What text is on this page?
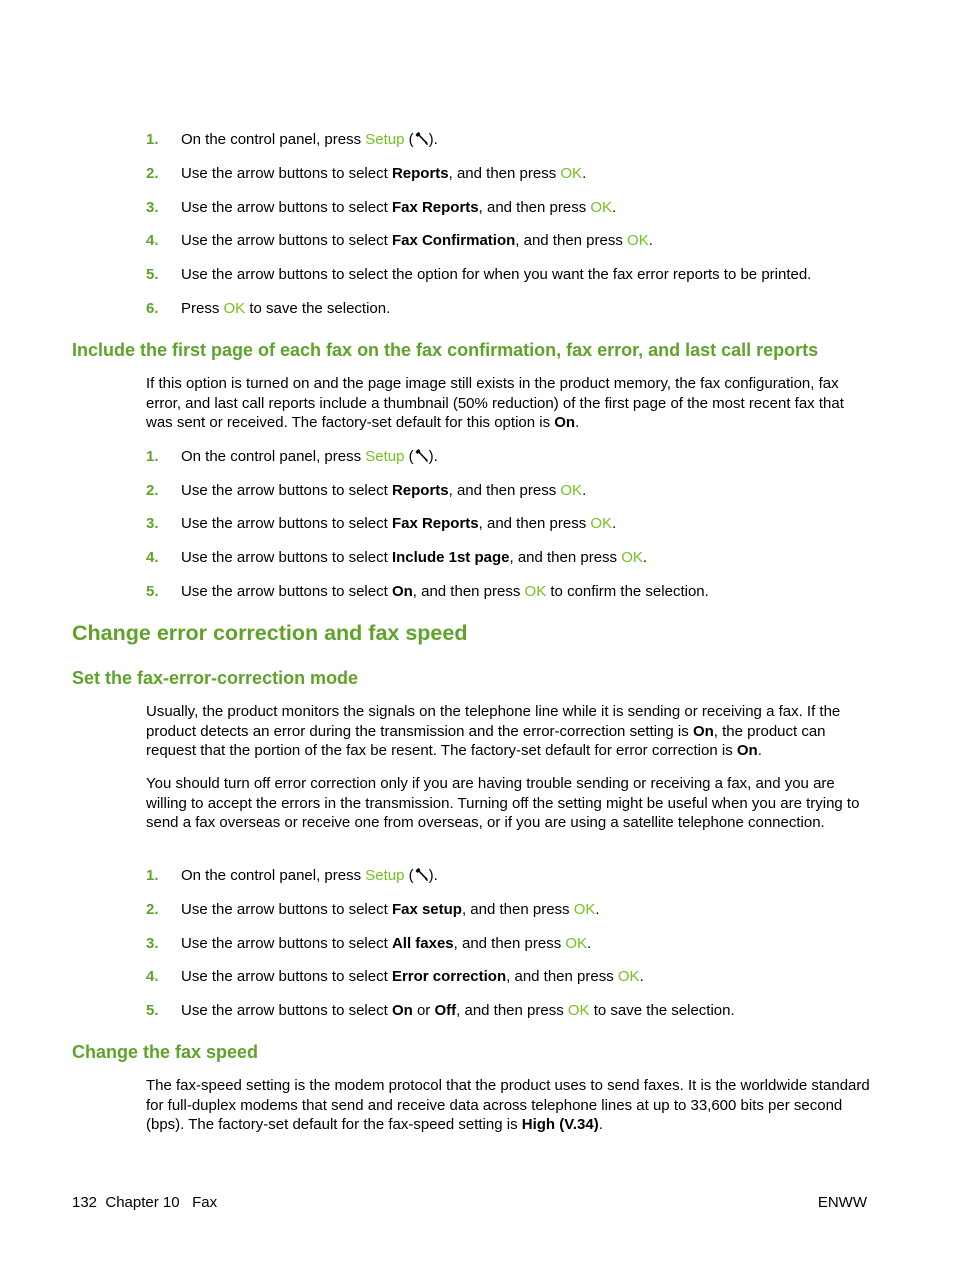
1. On the control panel, press Setup ( ).
2. Use the arrow buttons to select Reports, and then press OK.
3. Use the arrow buttons to select Fax Reports, and then press OK.
4. Use the arrow buttons to select Fax Confirmation, and then press OK.
5. Use the arrow buttons to select the option for when you want the fax error reports to be printed.
6. Press OK to save the selection.
Include the first page of each fax on the fax confirmation, fax error, and last call reports
If this option is turned on and the page image still exists in the product memory, the fax configuration, fax error, and last call reports include a thumbnail (50% reduction) of the first page of the most recent fax that was sent or received. The factory-set default for this option is On.
1. On the control panel, press Setup ( ).
2. Use the arrow buttons to select Reports, and then press OK.
3. Use the arrow buttons to select Fax Reports, and then press OK.
4. Use the arrow buttons to select Include 1st page, and then press OK.
5. Use the arrow buttons to select On, and then press OK to confirm the selection.
Change error correction and fax speed
Set the fax-error-correction mode
Usually, the product monitors the signals on the telephone line while it is sending or receiving a fax. If the product detects an error during the transmission and the error-correction setting is On, the product can request that the portion of the fax be resent. The factory-set default for error correction is On.
You should turn off error correction only if you are having trouble sending or receiving a fax, and you are willing to accept the errors in the transmission. Turning off the setting might be useful when you are trying to send a fax overseas or receive one from overseas, or if you are using a satellite telephone connection.
1. On the control panel, press Setup ( ).
2. Use the arrow buttons to select Fax setup, and then press OK.
3. Use the arrow buttons to select All faxes, and then press OK.
4. Use the arrow buttons to select Error correction, and then press OK.
5. Use the arrow buttons to select On or Off, and then press OK to save the selection.
Change the fax speed
The fax-speed setting is the modem protocol that the product uses to send faxes. It is the worldwide standard for full-duplex modems that send and receive data across telephone lines at up to 33,600 bits per second (bps). The factory-set default for the fax-speed setting is High (V.34).
132 Chapter 10 Fax	ENWW
